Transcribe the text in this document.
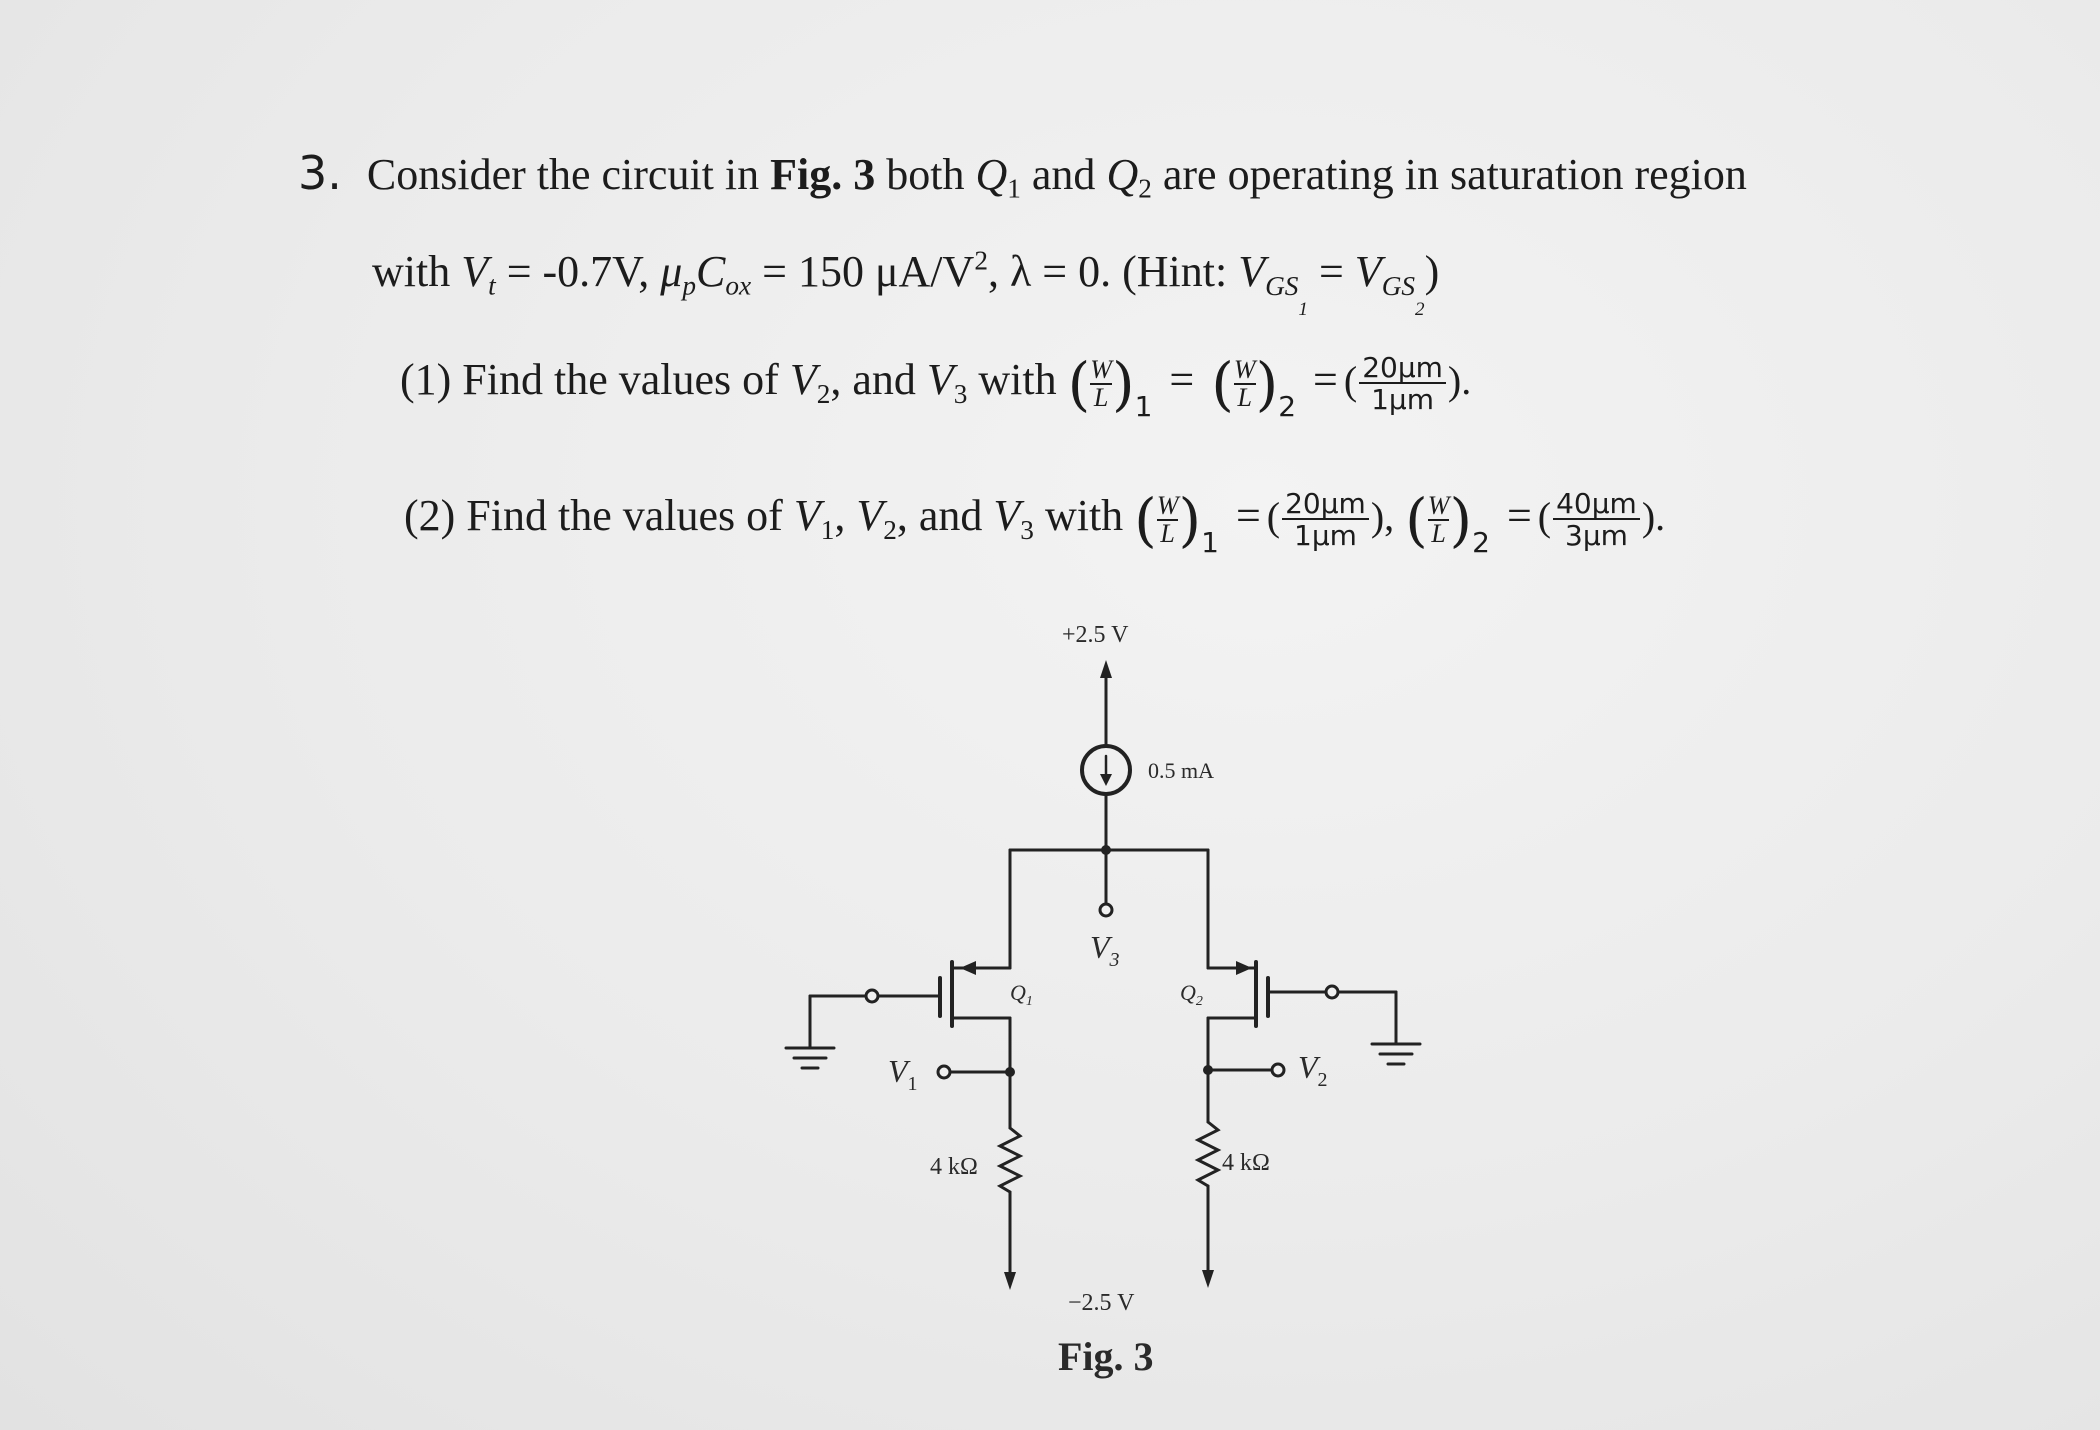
3. Consider the circuit in Fig. 3 both $Q_1$ and $Q_2$ are operating in saturation region
with $V_t = -0.7V$, $\mu_pC_{ox} = 150$ $\mu A/V^2$, λ = 0. (Hint: $V_{GS_1} = V_{GS_2}$)
(1) Find the values of $V_2$, and $V_3$ with ( $\frac{W}{L} )_1$ = ( $\frac{W}{L} )_2$ = ( $\frac{20\mu m}{1\mu m}$ ).
(2) Find the values of $V_1$, $V_2$, and $V_3$ with ( $\frac{W}{L} )_1$ = ( $\frac{20\mu m}{1\mu m}$ ), ( $\frac{W}{L} )_2$ = ( $\frac{40\mu m}{3\mu m}$ ).
+2.5 V
0.5 mA
$V_3$
$Q_1$	$Q_2$
$V_1$	$V_2$
4 kΩ	4 kΩ
−2.5 V
Fig. 3
